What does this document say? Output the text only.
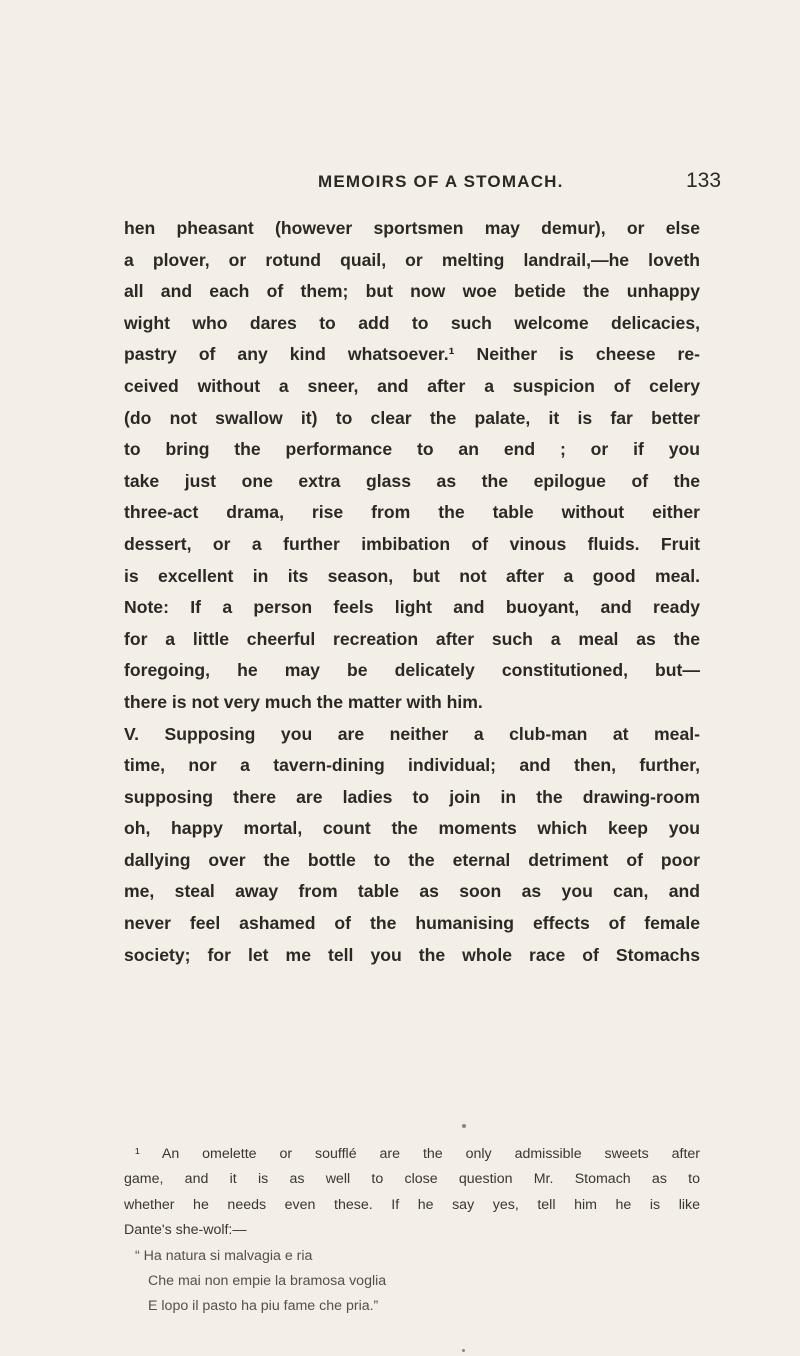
MEMOIRS OF A STOMACH.	133
hen pheasant (however sportsmen may demur), or else
a plover, or rotund quail, or melting landrail,—he loveth
all and each of them; but now woe betide the unhappy
wight who dares to add to such welcome delicacies,
pastry of any kind whatsoever.¹ Neither is cheese re-
ceived without a sneer, and after a suspicion of celery
(do not swallow it) to clear the palate, it is far better
to bring the performance to an end ; or if you
take just one extra glass as the epilogue of the
three-act drama, rise from the table without either
dessert, or a further imbibation of vinous fluids. Fruit
is excellent in its season, but not after a good meal.
Note: If a person feels light and buoyant, and ready
for a little cheerful recreation after such a meal as the
foregoing, he may be delicately constitutioned, but—
there is not very much the matter with him.
V. Supposing you are neither a club-man at meal-
time, nor a tavern-dining individual; and then, further,
supposing there are ladies to join in the drawing-room
oh, happy mortal, count the moments which keep you
dallying over the bottle to the eternal detriment of poor
me, steal away from table as soon as you can, and
never feel ashamed of the humanising effects of female
society; for let me tell you the whole race of Stomachs
¹ An omelette or soufflé are the only admissible sweets after
game, and it is as well to close question Mr. Stomach as to
whether he needs even these. If he say yes, tell him he is like
Dante's she-wolf:—
“ Ha natura si malvagia e ria
Che mai non empie la bramosa voglia
E lopo il pasto ha piu fame che pria.”
